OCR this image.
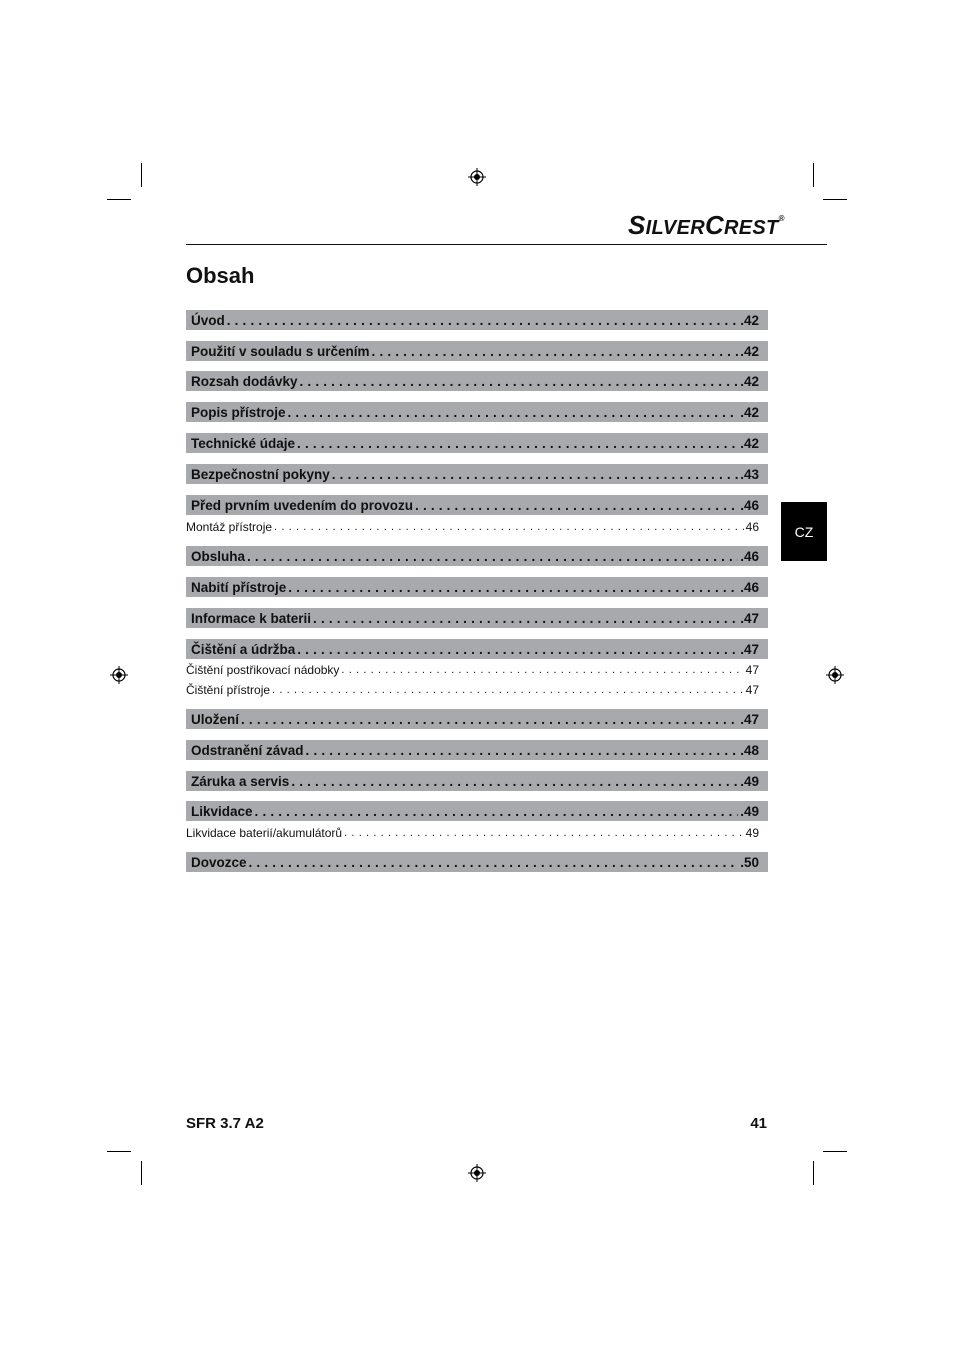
SILVERCREST®
Obsah
Úvod . . .	.42
Použití v souladu s určením . . .	.42
Rozsah dodávky . . .	.42
Popis přístroje . . .	.42
Technické údaje . . .	.42
Bezpečnostní pokyny . . .	.43
Před prvním uvedením do provozu . . .	.46
Montáž přístroje . . .	46
Obsluha . . .	.46
Nabití přístroje . . .	.46
Informace k baterii . . .	.47
Čištění a údržba . . .	.47
Čištění postřikovací nádobky . . .	47
Čištění přístroje . . .	47
Uložení . . .	.47
Odstranění závad . . .	.48
Záruka a servis . . .	.49
Likvidace . . .	.49
Likvidace baterií/akumulátorů . . .	49
Dovozce . . .	.50
CZ
SFR 3.7 A2	41
